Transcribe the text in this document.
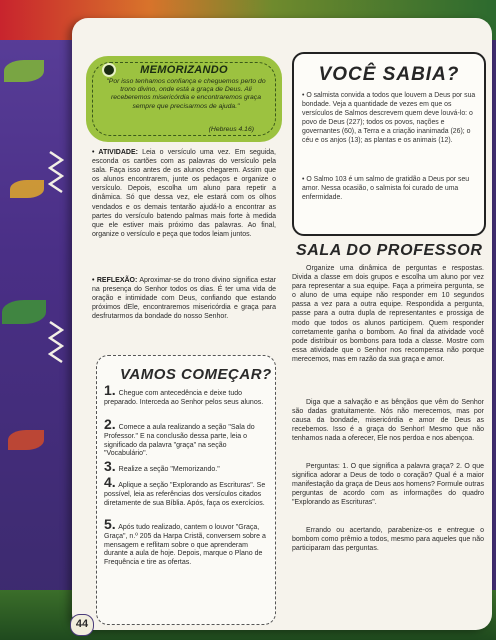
MEMORIZANDO
"Por isso tenhamos confiança e cheguemos perto do trono divino, onde está a graça de Deus. Ali receberemos misericórdia e encontraremos graça sempre que precisarmos de ajuda."
(Hebreus 4.16)
• ATIVIDADE: Leia o versículo uma vez. Em seguida, esconda os cartões com as palavras do versículo pela sala. Faça isso antes de os alunos chegarem. Assim que os alunos encontrarem, junte os pedaços e organize o versículo. Depois, escolha um aluno para repetir a dinâmica. Só que dessa vez, ele estará com os olhos vendados e os demais tentarão ajudá-lo a encontrar as partes do versículo batendo palmas mais forte à medida que ele estiver mais próximo das palavras. Ao final, organize o versículo e peça que todos leiam juntos.
• REFLEXÃO: Aproximar-se do trono divino significa estar na presença do Senhor todos os dias. É ter uma vida de oração e intimidade com Deus, confiando que estando próximos dEle, encontraremos misericórdia e graça para desfrutarmos da bondade do nosso Senhor.
VAMOS COMEÇAR?
1. Chegue com antecedência e deixe tudo preparado. Interceda ao Senhor pelos seus alunos.
2. Comece a aula realizando a seção "Sala do Professor." E na conclusão dessa parte, leia o significado da palavra "graça" na seção "Vocabulário".
3. Realize a seção "Memorizando."
4. Aplique a seção "Explorando as Escrituras". Se possível, leia as referências dos versículos citados diretamente de sua Bíblia. Após, faça os exercícios.
5. Após tudo realizado, cantem o louvor "Graça, Graça", n.º 205 da Harpa Cristã, conversem sobre a mensagem e reflitam sobre o que aprenderam durante a aula de hoje. Depois, marque o Plano de Frequência e tire as ofertas.
VOCÊ SABIA?
• O salmista convida a todos que louvem a Deus por sua bondade. Veja a quantidade de vezes em que os versículos de Salmos descrevem quem deve louvá-lo: o povo de Deus (227); todos os povos, nações e governantes (60), a Terra e a criação inanimada (26); o céu e os anjos (13); as plantas e os animais (12).
• O Salmo 103 é um salmo de gratidão a Deus por seu amor. Nessa ocasião, o salmista foi curado de uma enfermidade.
SALA DO PROFESSOR
Organize uma dinâmica de perguntas e respostas. Divida a classe em dois grupos e escolha um aluno por vez para representar a sua equipe. Faça a primeira pergunta, se o aluno de uma equipe não responder em 10 segundos passa a vez para a outra equipe. Respondida a pergunta, passe para a outra dupla de representantes e prossiga de modo que todos os alunos participem. Quem responder corretamente ganha o bombom. Ao final da atividade você pode distribuir os bombons para toda a classe. Mostre com essa atividade que o Senhor nos recompensa não porque merecemos, mas em razão da sua graça e amor.
Diga que a salvação e as bênçãos que vêm do Senhor são dadas gratuitamente. Nós não merecemos, mas por causa da bondade, misericórdia e amor de Deus as recebemos. Isso é a graça do Senhor! Mesmo que não tenhamos nada a oferecer, Ele nos perdoa e nos abençoa.
Perguntas: 1. O que significa a palavra graça? 2. O que significa adorar a Deus de todo o coração? Qual é a maior manifestação da graça de Deus aos homens? Formule outras perguntas de acordo com as informações do quadro "Explorando as Escrituras".
Errando ou acertando, parabenize-os e entregue o bombom como prêmio a todos, mesmo para aqueles que não participaram das perguntas.
44
